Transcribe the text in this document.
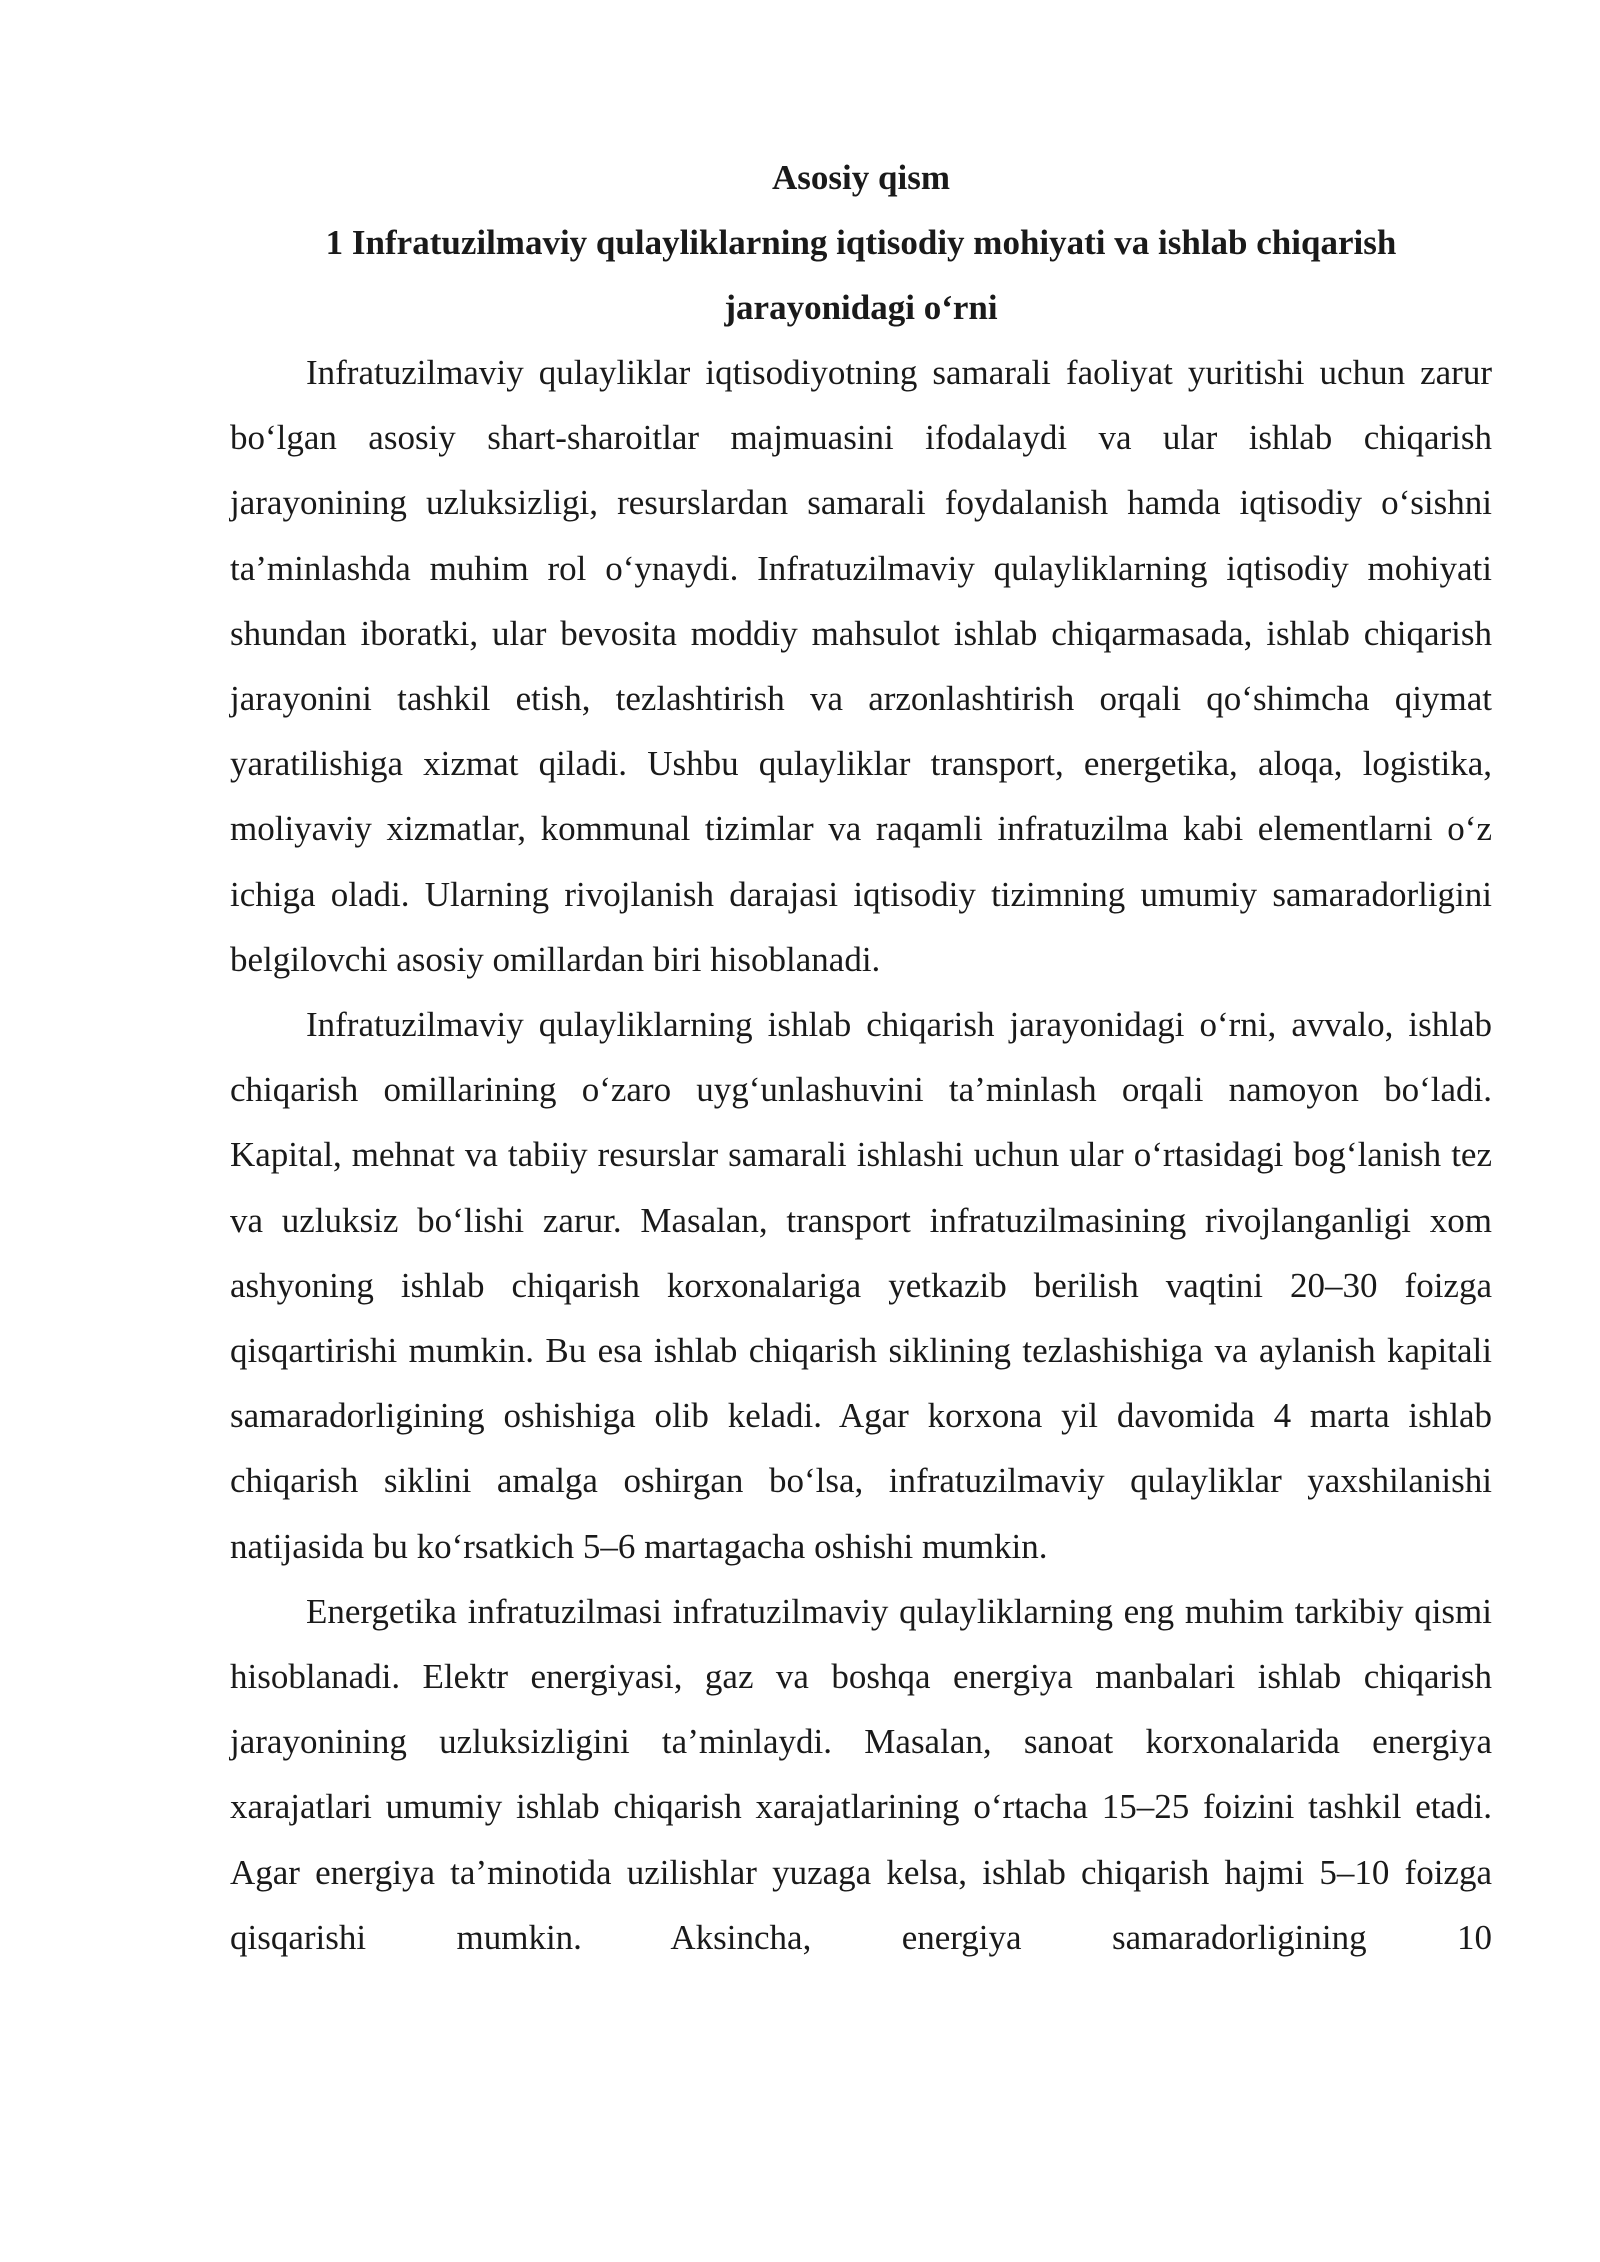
Asosiy qism
1 Infratuzilmaviy qulayliklarning iqtisodiy mohiyati va ishlab chiqarish jarayonidagi o‘rni

Infratuzilmaviy qulayliklar iqtisodiyotning samarali faoliyat yuritishi uchun zarur bo‘lgan asosiy shart-sharoitlar majmuasini ifodalaydi va ular ishlab chiqarish jarayonining uzluksizligi, resurslardan samarali foydalanish hamda iqtisodiy o‘sishni ta’minlashda muhim rol o‘ynaydi. Infratuzilmaviy qulayliklarning iqtisodiy mohiyati shundan iboratki, ular bevosita moddiy mahsulot ishlab chiqarmasada, ishlab chiqarish jarayonini tashkil etish, tezlashtirish va arzonlashtirish orqali qo‘shimcha qiymat yaratilishiga xizmat qiladi. Ushbu qulayliklar transport, energetika, aloqa, logistika, moliyaviy xizmatlar, kommunal tizimlar va raqamli infratuzilma kabi elementlarni o‘z ichiga oladi. Ularning rivojlanish darajasi iqtisodiy tizimning umumiy samaradorligini belgilovchi asosiy omillardan biri hisoblanadi.

Infratuzilmaviy qulayliklarning ishlab chiqarish jarayonidagi o‘rni, avvalo, ishlab chiqarish omillarining o‘zaro uyg‘unlashuvini ta’minlash orqali namoyon bo‘ladi. Kapital, mehnat va tabiiy resurslar samarali ishlashi uchun ular o‘rtasidagi bog‘lanish tez va uzluksiz bo‘lishi zarur. Masalan, transport infratuzilmasining rivojlanganligi xom ashyoning ishlab chiqarish korxonalariga yetkazib berilish vaqtini 20–30 foizga qisqartirishi mumkin. Bu esa ishlab chiqarish siklining tezlashishiga va aylanish kapitali samaradorligining oshishiga olib keladi. Agar korxona yil davomida 4 marta ishlab chiqarish siklini amalga oshirgan bo‘lsa, infratuzilmaviy qulayliklar yaxshilanishi natijasida bu ko‘rsatkich 5–6 martagacha oshishi mumkin.

Energetika infratuzilmasi infratuzilmaviy qulayliklarning eng muhim tarkibiy qismi hisoblanadi. Elektr energiyasi, gaz va boshqa energiya manbalari ishlab chiqarish jarayonining uzluksizligini ta’minlaydi. Masalan, sanoat korxonalarida energiya xarajatlari umumiy ishlab chiqarish xarajatlarining o‘rtacha 15–25 foizini tashkil etadi. Agar energiya ta’minotida uzilishlar yuzaga kelsa, ishlab chiqarish hajmi 5–10 foizga qisqarishi mumkin. Aksincha, energiya samaradorligining 10
